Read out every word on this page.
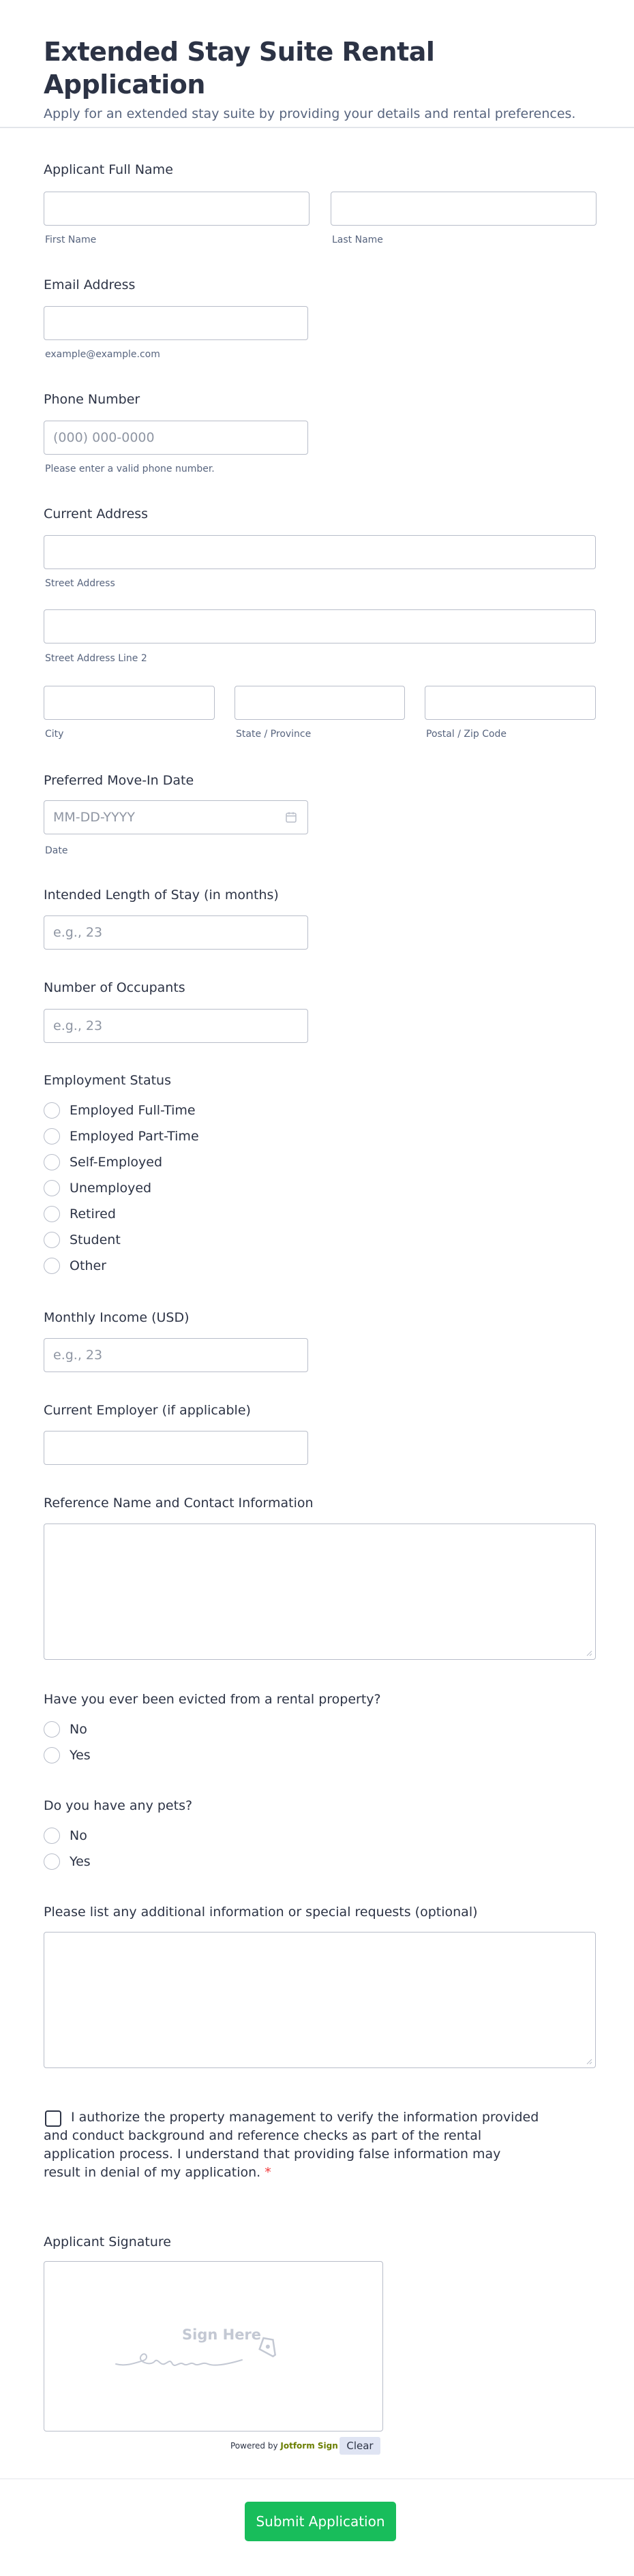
Extended Stay Suite Rental Application
Apply for an extended stay suite by providing your details and rental preferences.
Applicant Full Name
First Name	Last Name
Email Address
example@example.com
Phone Number
(000) 000-0000
Please enter a valid phone number.
Current Address
Street Address
Street Address Line 2
City	State / Province	Postal / Zip Code
Preferred Move-In Date
MM-DD-YYYY
Date
Intended Length of Stay (in months)
e.g., 23
Number of Occupants
e.g., 23
Employment Status
Employed Full-Time
Employed Part-Time
Self-Employed
Unemployed
Retired
Student
Other
Monthly Income (USD)
e.g., 23
Current Employer (if applicable)
Reference Name and Contact Information
Have you ever been evicted from a rental property?
No
Yes
Do you have any pets?
No
Yes
Please list any additional information or special requests (optional)
I authorize the property management to verify the information provided and conduct background and reference checks as part of the rental application process. I understand that providing false information may result in denial of my application. *
Applicant Signature
Sign Here
Powered by Jotform Sign Clear
Submit Application
